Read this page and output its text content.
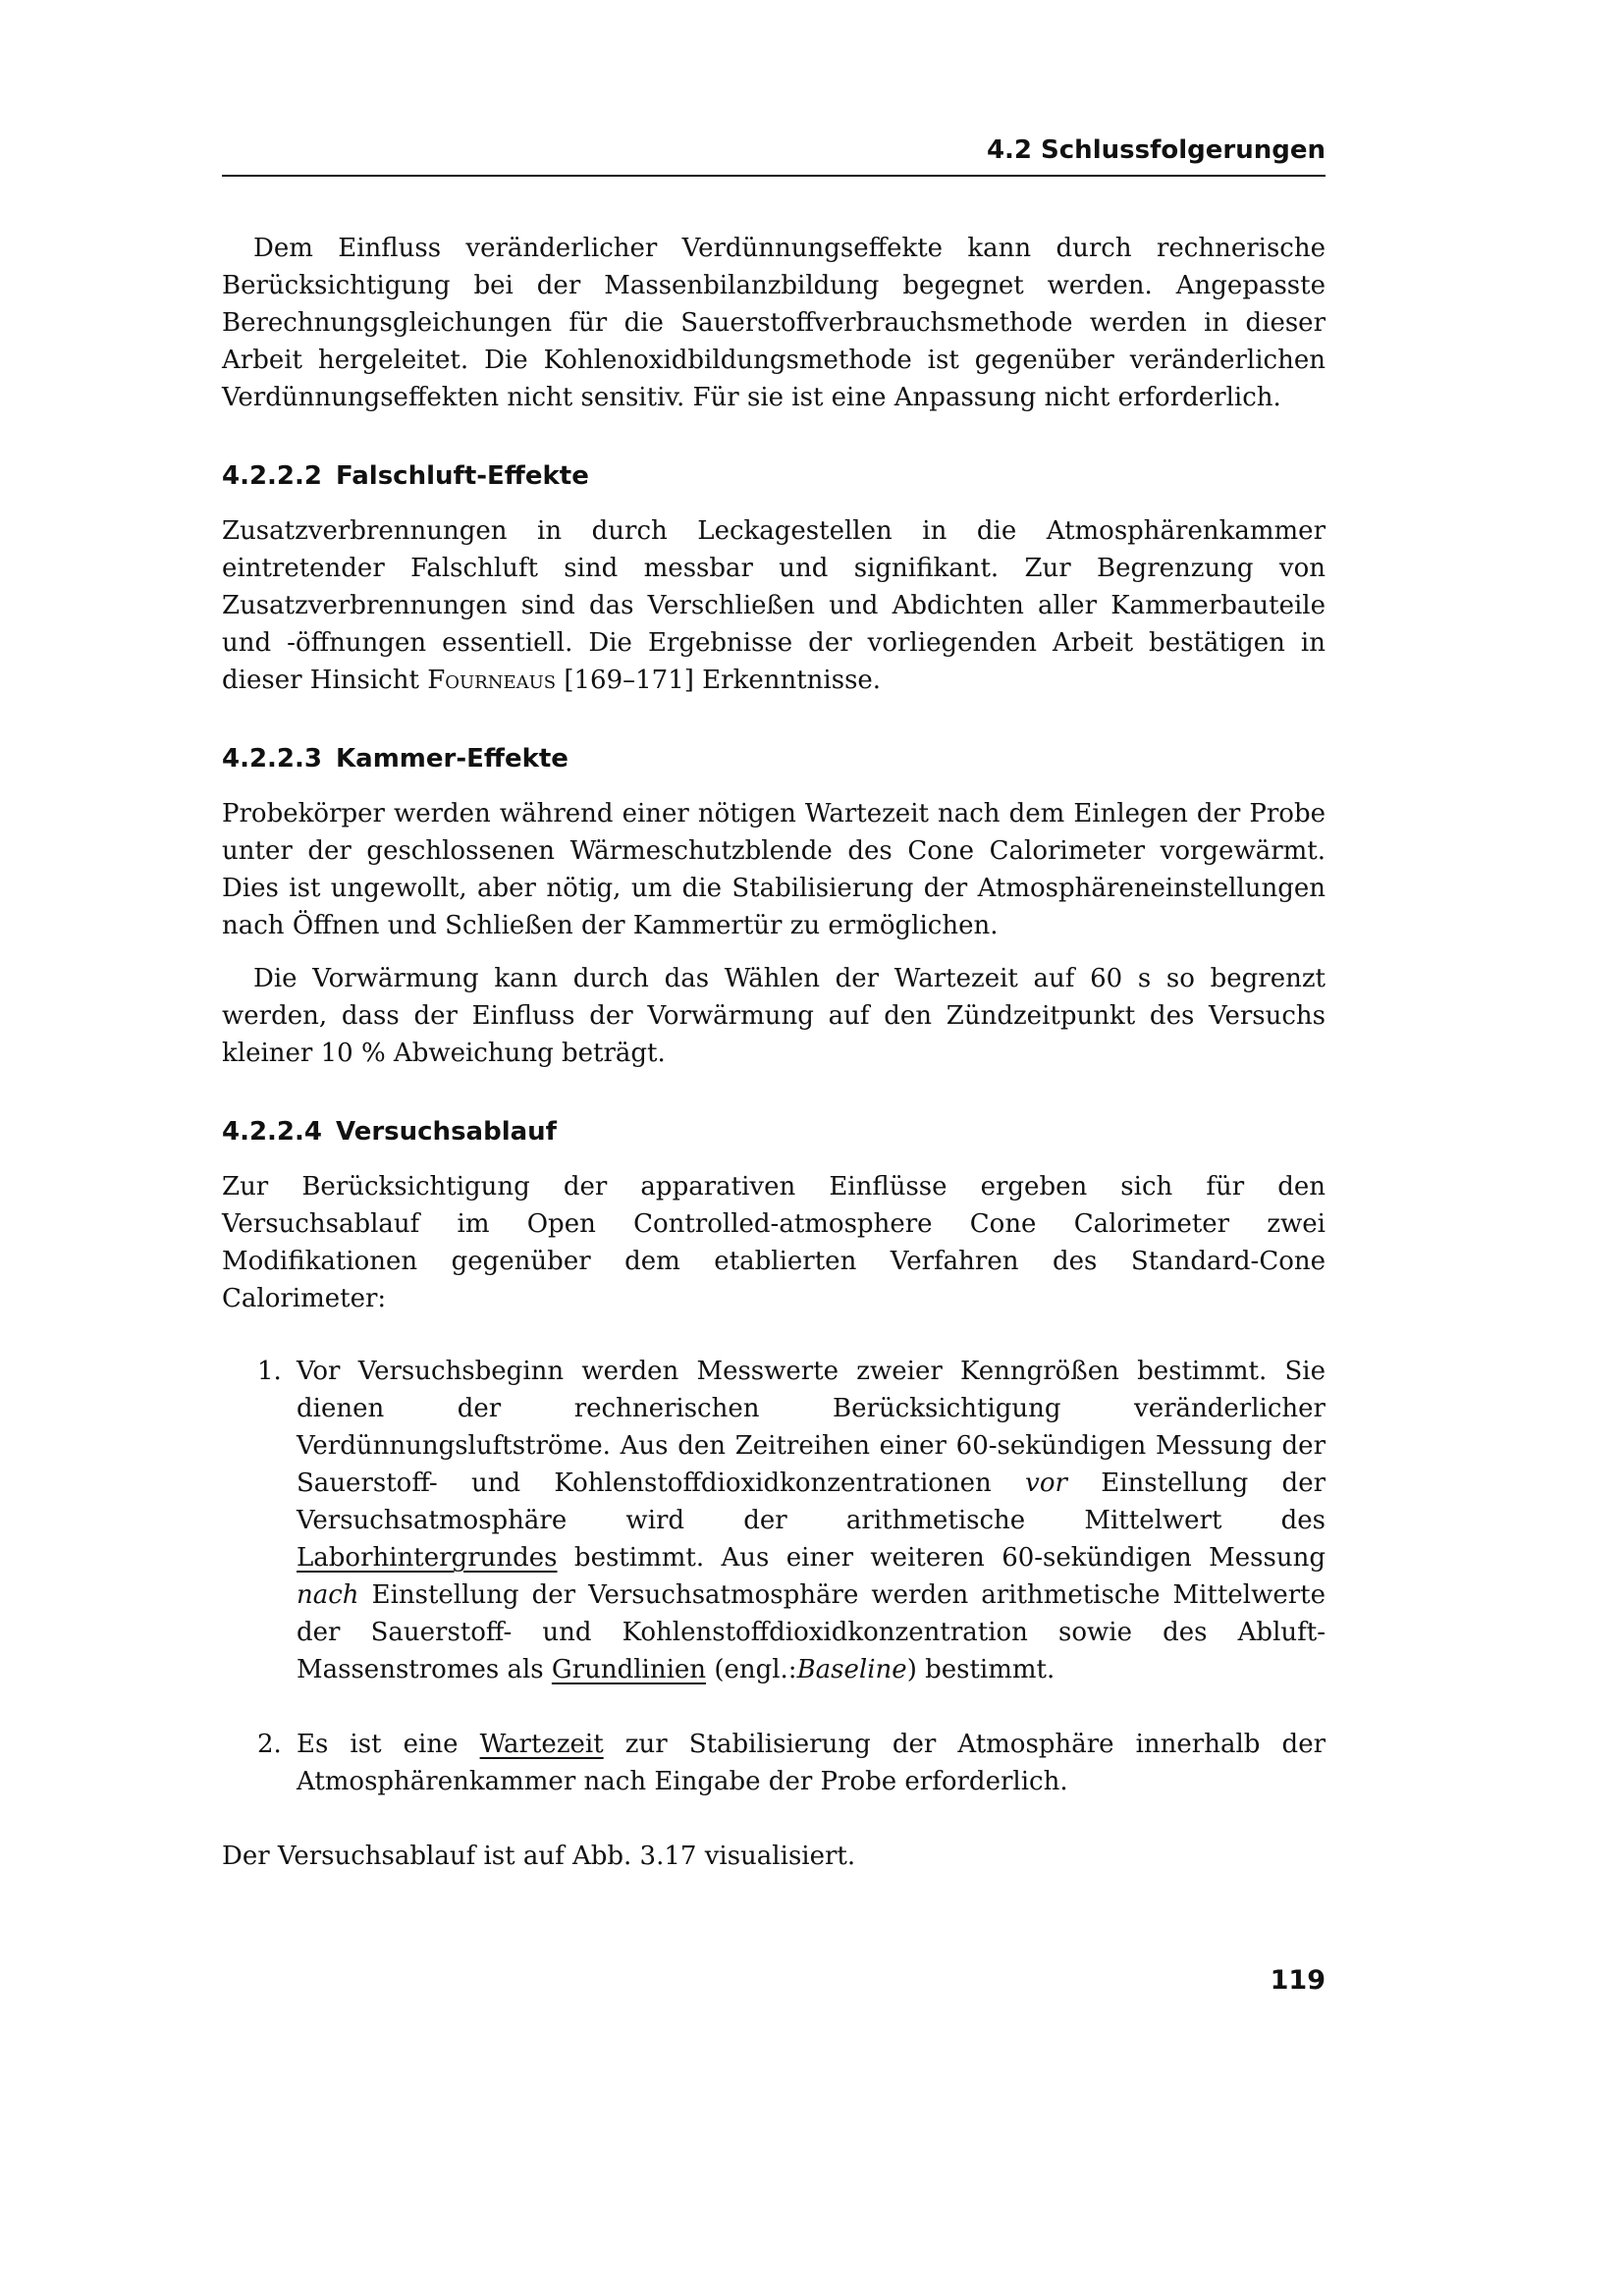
4.2 Schlussfolgerungen

Dem Einfluss veränderlicher Verdünnungseffekte kann durch rechnerische Berücksichtigung bei der Massenbilanzbildung begegnet werden. Angepasste Berechnungsgleichungen für die Sauerstoffverbrauchsmethode werden in dieser Arbeit hergeleitet. Die Kohlenoxidbildungsmethode ist gegenüber veränderlichen Verdünnungseffekten nicht sensitiv. Für sie ist eine Anpassung nicht erforderlich.

4.2.2.2 Falschluft-Effekte

Zusatzverbrennungen in durch Leckagestellen in die Atmosphärenkammer eintretender Falschluft sind messbar und signifikant. Zur Begrenzung von Zusatzverbrennungen sind das Verschließen und Abdichten aller Kammerbauteile und -öffnungen essentiell. Die Ergebnisse der vorliegenden Arbeit bestätigen in dieser Hinsicht Fourneaus [169–171] Erkenntnisse.

4.2.2.3 Kammer-Effekte

Probekörper werden während einer nötigen Wartezeit nach dem Einlegen der Probe unter der geschlossenen Wärmeschutzblende des Cone Calorimeter vorgewärmt. Dies ist ungewollt, aber nötig, um die Stabilisierung der Atmosphäreneinstellungen nach Öffnen und Schließen der Kammertür zu ermöglichen.

Die Vorwärmung kann durch das Wählen der Wartezeit auf 60 s so begrenzt werden, dass der Einfluss der Vorwärmung auf den Zündzeitpunkt des Versuchs kleiner 10 % Abweichung beträgt.

4.2.2.4 Versuchsablauf

Zur Berücksichtigung der apparativen Einflüsse ergeben sich für den Versuchsablauf im Open Controlled-atmosphere Cone Calorimeter zwei Modifikationen gegenüber dem etablierten Verfahren des Standard-Cone Calorimeter:

1. Vor Versuchsbeginn werden Messwerte zweier Kenngrößen bestimmt. Sie dienen der rechnerischen Berücksichtigung veränderlicher Verdünnungsluftströme. Aus den Zeitreihen einer 60-sekündigen Messung der Sauerstoff- und Kohlenstoffdioxidkonzentrationen vor Einstellung der Versuchsatmosphäre wird der arithmetische Mittelwert des Laborhintergrundes bestimmt. Aus einer weiteren 60-sekündigen Messung nach Einstellung der Versuchsatmosphäre werden arithmetische Mittelwerte der Sauerstoff- und Kohlenstoffdioxidkonzentration sowie des Abluft-Massenstromes als Grundlinien (engl.:Baseline) bestimmt.
2. Es ist eine Wartezeit zur Stabilisierung der Atmosphäre innerhalb der Atmosphärenkammer nach Eingabe der Probe erforderlich.

Der Versuchsablauf ist auf Abb. 3.17 visualisiert.

119
